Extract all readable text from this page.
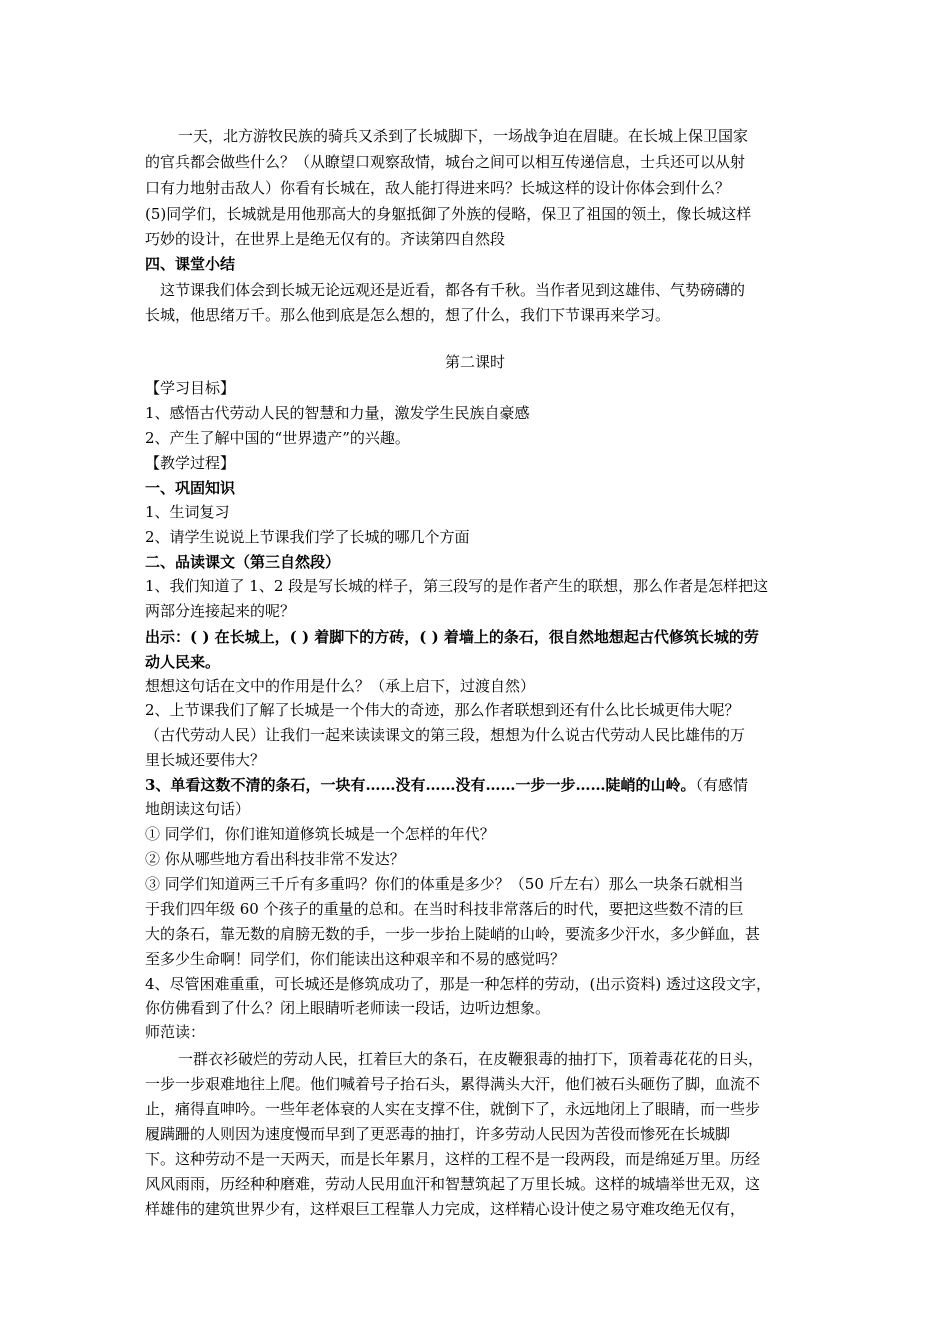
一天，北方游牧民族的骑兵又杀到了长城脚下，一场战争迫在眉睫。在长城上保卫国家
的官兵都会做些什么？（从瞭望口观察敌情，城台之间可以相互传递信息，士兵还可以从射
口有力地射击敌人）你看有长城在，敌人能打得进来吗？长城这样的设计你体会到什么？
(5)同学们，长城就是用他那高大的身躯抵御了外族的侵略，保卫了祖国的领土，像长城这样
巧妙的设计，在世界上是绝无仅有的。齐读第四自然段
四、课堂小结
这节课我们体会到长城无论远观还是近看，都各有千秋。当作者见到这雄伟、气势磅礴的
长城，他思绪万千。那么他到底是怎么想的，想了什么，我们下节课再来学习。
第二课时
【学习目标】
1、感悟古代劳动人民的智慧和力量，激发学生民族自豪感
2、产生了解中国的“世界遗产”的兴趣。
【教学过程】
一、巩固知识
1、生词复习
2、请学生说说上节课我们学了长城的哪几个方面
二、品读课文（第三自然段）
1、我们知道了 1、2 段是写长城的样子，第三段写的是作者产生的联想，那么作者是怎样把这
两部分连接起来的呢？
出示：( ) 在长城上，( ) 着脚下的方砖，( ) 着墙上的条石，很自然地想起古代修筑长城的劳
动人民来。
想想这句话在文中的作用是什么？（承上启下，过渡自然）
2、上节课我们了解了长城是一个伟大的奇迹，那么作者联想到还有什么比长城更伟大呢？
（古代劳动人民）让我们一起来读读课文的第三段，想想为什么说古代劳动人民比雄伟的万
里长城还要伟大？
3、单看这数不清的条石，一块有……没有……没有……一步一步……陡峭的山岭。（有感情
地朗读这句话）
① 同学们，你们谁知道修筑长城是一个怎样的年代？
② 你从哪些地方看出科技非常不发达？
③ 同学们知道两三千斤有多重吗？你们的体重是多少？（50 斤左右）那么一块条石就相当
于我们四年级 60 个孩子的重量的总和。在当时科技非常落后的时代，要把这些数不清的巨
大的条石，靠无数的肩膀无数的手，一步一步抬上陡峭的山岭，要流多少汗水，多少鲜血，甚
至多少生命啊！同学们，你们能读出这种艰辛和不易的感觉吗？
4、尽管困难重重，可长城还是修筑成功了，那是一种怎样的劳动，(出示资料) 透过这段文字，
你仿佛看到了什么？闭上眼睛听老师读一段话，边听边想象。
师范读：
一群衣衫破烂的劳动人民，扛着巨大的条石，在皮鞭狠毒的抽打下，顶着毒花花的日头，
一步一步艰难地往上爬。他们喊着号子抬石头，累得满头大汗，他们被石头砸伤了脚，血流不
止，痛得直呻吟。一些年老体衰的人实在支撑不住，就倒下了，永远地闭上了眼睛，而一些步
履蹒跚的人则因为速度慢而早到了更恶毒的抽打，许多劳动人民因为苦役而惨死在长城脚
下。这种劳动不是一天两天，而是长年累月，这样的工程不是一段两段，而是绵延万里。历经
风风雨雨，历经种种磨难，劳动人民用血汗和智慧筑起了万里长城。这样的城墙举世无双，这
样雄伟的建筑世界少有，这样艰巨工程靠人力完成，这样精心设计使之易守难攻绝无仅有，
